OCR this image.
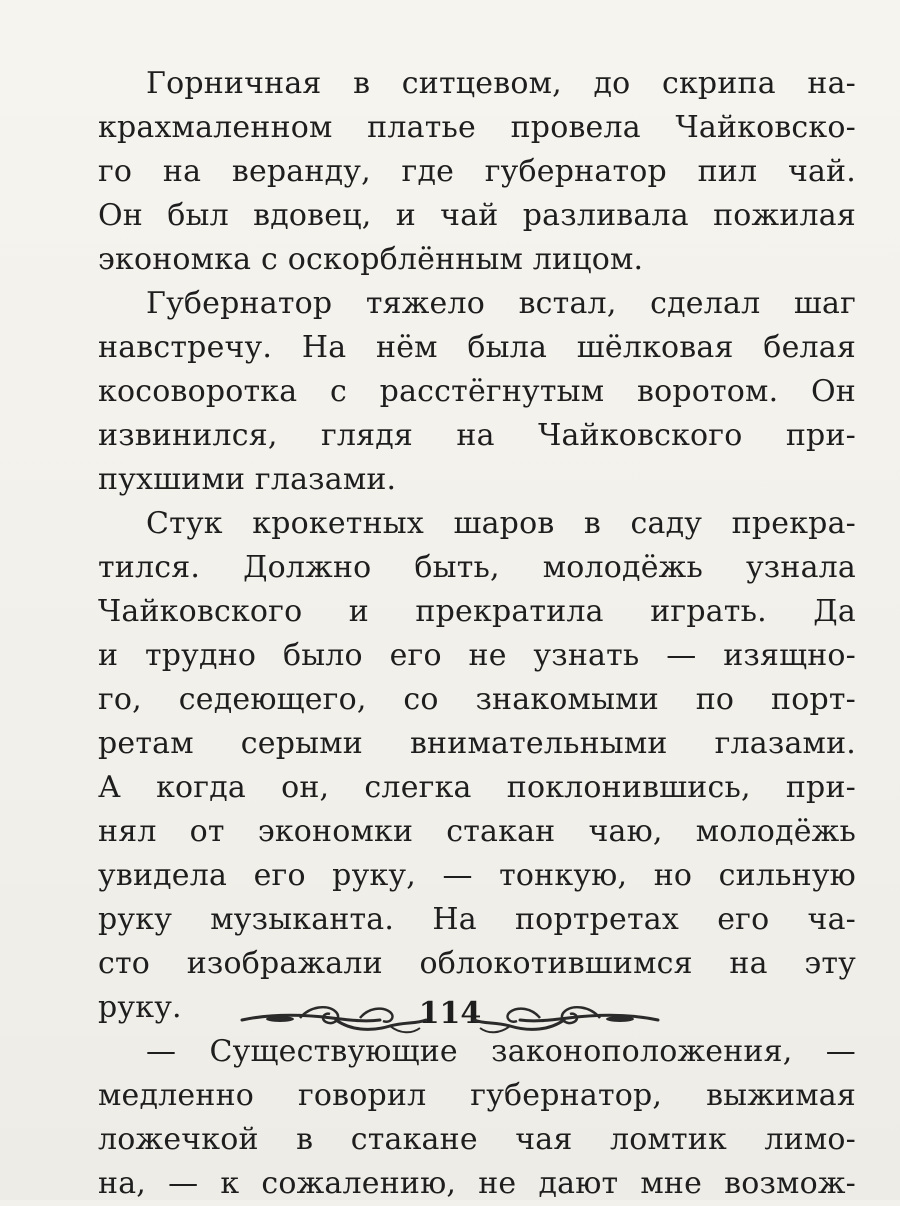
Горничная в ситцевом, до скрипа на-
крахмаленном платье провела Чайковско-
го на веранду, где губернатор пил чай.
Он был вдовец, и чай разливала пожилая
экономка с оскорблённым лицом.
Губернатор тяжело встал, сделал шаг
навстречу. На нём была шёлковая белая
косоворотка с расстёгнутым воротом. Он
извинился, глядя на Чайковского при-
пухшими глазами.
Стук крокетных шаров в саду прекра-
тился. Должно быть, молодёжь узнала
Чайковского и прекратила играть. Да
и трудно было его не узнать — изящно-
го, седеющего, со знакомыми по порт-
ретам серыми внимательными глазами.
А когда он, слегка поклонившись, при-
нял от экономки стакан чаю, молодёжь
увидела его руку, — тонкую, но сильную
руку музыканта. На портретах его ча-
сто изображали облокотившимся на эту
руку.
— Существующие законоположения, —
медленно говорил губернатор, выжимая
ложечкой в стакане чая ломтик лимо-
на, — к сожалению, не дают мне возмож-
114
